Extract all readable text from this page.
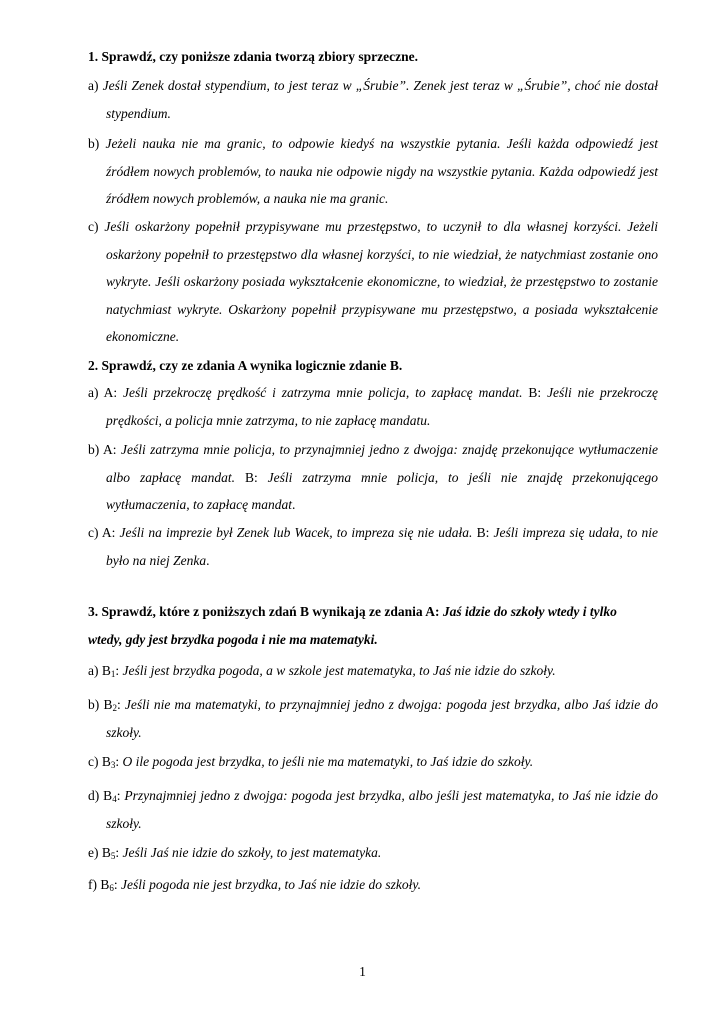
1. Sprawdź, czy poniższe zdania tworzą zbiory sprzeczne.

a) Jeśli Zenek dostał stypendium, to jest teraz w „Śrubie”. Zenek jest teraz w „Śrubie”, choć nie dostał stypendium.

b) Jeżeli nauka nie ma granic, to odpowie kiedyś na wszystkie pytania. Jeśli każda odpowiedź jest źródłem nowych problemów, to nauka nie odpowie nigdy na wszystkie pytania. Każda odpowiedź jest źródłem nowych problemów, a nauka nie ma granic.

c) Jeśli oskarżony popełnił przypisywane mu przestępstwo, to uczynił to dla własnej korzyści. Jeżeli oskarżony popełnił to przestępstwo dla własnej korzyści, to nie wiedział, że natychmiast zostanie ono wykryte. Jeśli oskarżony posiada wykształcenie ekonomiczne, to wiedział, że przestępstwo to zostanie natychmiast wykryte. Oskarżony popełnił przypisywane mu przestępstwo, a posiada wykształcenie ekonomiczne.

2. Sprawdź, czy ze zdania A wynika logicznie zdanie B.

a) A: Jeśli przekroczę prędkość i zatrzyma mnie policja, to zapłacę mandat. B: Jeśli nie przekroczę prędkości, a policja mnie zatrzyma, to nie zapłacę mandatu.

b) A: Jeśli zatrzyma mnie policja, to przynajmniej jedno z dwojga: znajdę przekonujące wytłumaczenie albo zapłacę mandat. B: Jeśli zatrzyma mnie policja, to jeśli nie znajdę przekonującego wytłumaczenia, to zapłacę mandat.

c) A: Jeśli na imprezie był Zenek lub Wacek, to impreza się nie udała. B: Jeśli impreza się udała, to nie było na niej Zenka.

3. Sprawdź, które z poniższych zdań B wynikają ze zdania A: Jaś idzie do szkoły wtedy i tylko wtedy, gdy jest brzydka pogoda i nie ma matematyki.

a) $B_1$: Jeśli jest brzydka pogoda, a w szkole jest matematyka, to Jaś nie idzie do szkoły.

b) $B_2$: Jeśli nie ma matematyki, to przynajmniej jedno z dwojga: pogoda jest brzydka, albo Jaś idzie do szkoły.

c) $B_3$: O ile pogoda jest brzydka, to jeśli nie ma matematyki, to Jaś idzie do szkoły.

d) $B_4$: Przynajmniej jedno z dwojga: pogoda jest brzydka, albo jeśli jest matematyka, to Jaś nie idzie do szkoły.

e) $B_5$: Jeśli Jaś nie idzie do szkoły, to jest matematyka.

f) $B_6$: Jeśli pogoda nie jest brzydka, to Jaś nie idzie do szkoły.

1
